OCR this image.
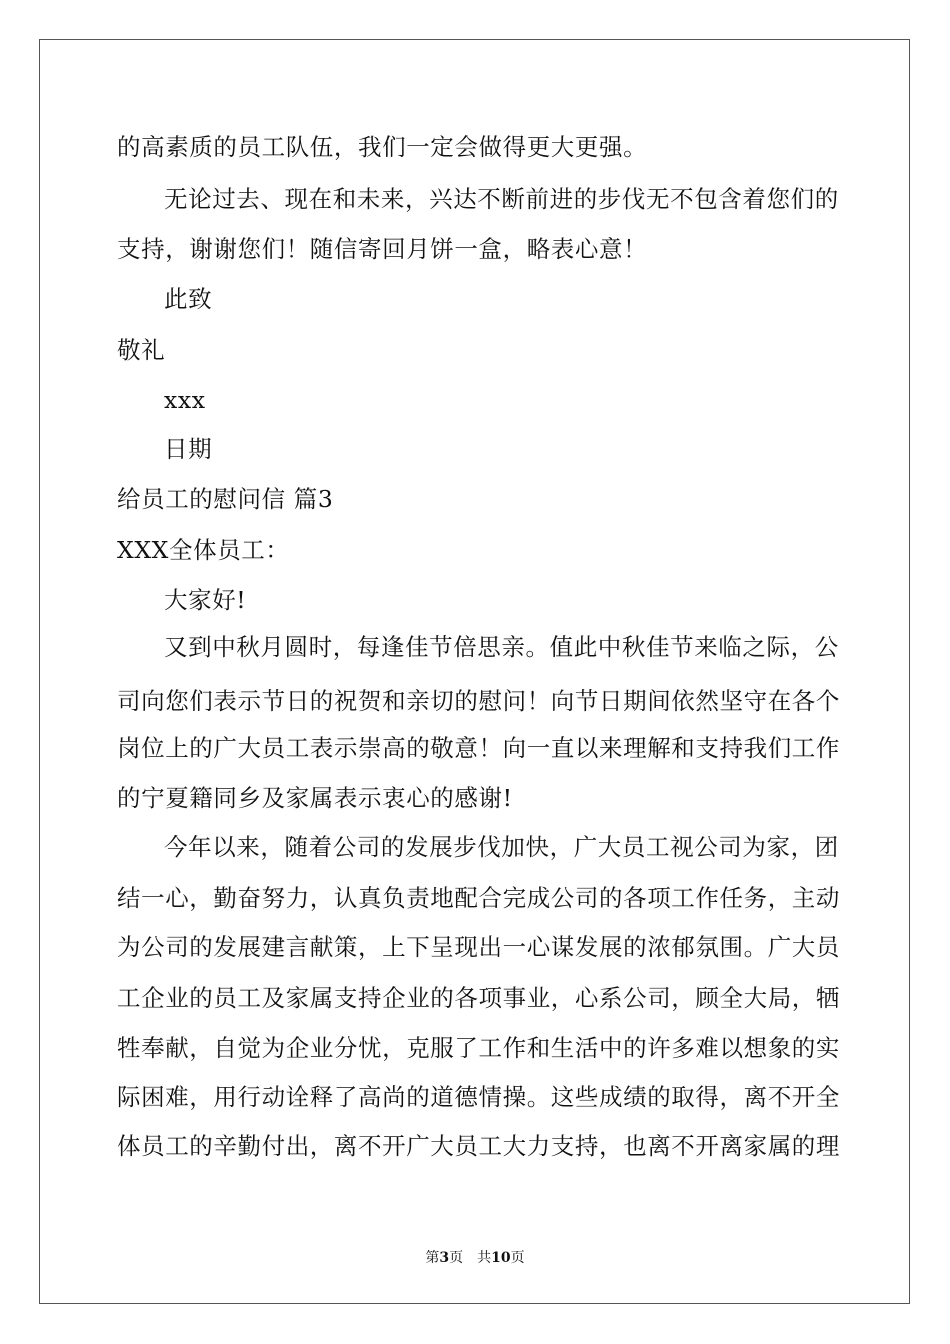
的高素质的员工队伍，我们一定会做得更大更强。
无论过去、现在和未来，兴达不断前进的步伐无不包含着您们的
支持，谢谢您们！随信寄回月饼一盒，略表心意！
此致
敬礼
xxx
日期
给员工的慰问信 篇3
XXX全体员工：
大家好!
又到中秋月圆时，每逢佳节倍思亲。值此中秋佳节来临之际，公
司向您们表示节日的祝贺和亲切的慰问！向节日期间依然坚守在各个
岗位上的广大员工表示崇高的敬意！向一直以来理解和支持我们工作
的宁夏籍同乡及家属表示衷心的感谢!
今年以来，随着公司的发展步伐加快，广大员工视公司为家，团
结一心，勤奋努力，认真负责地配合完成公司的各项工作任务，主动
为公司的发展建言献策，上下呈现出一心谋发展的浓郁氛围。广大员
工企业的员工及家属支持企业的各项事业，心系公司，顾全大局，牺
牲奉献，自觉为企业分忧，克服了工作和生活中的许多难以想象的实
际困难，用行动诠释了高尚的道德情操。这些成绩的取得，离不开全
体员工的辛勤付出，离不开广大员工大力支持，也离不开离家属的理
第3页 共10页
